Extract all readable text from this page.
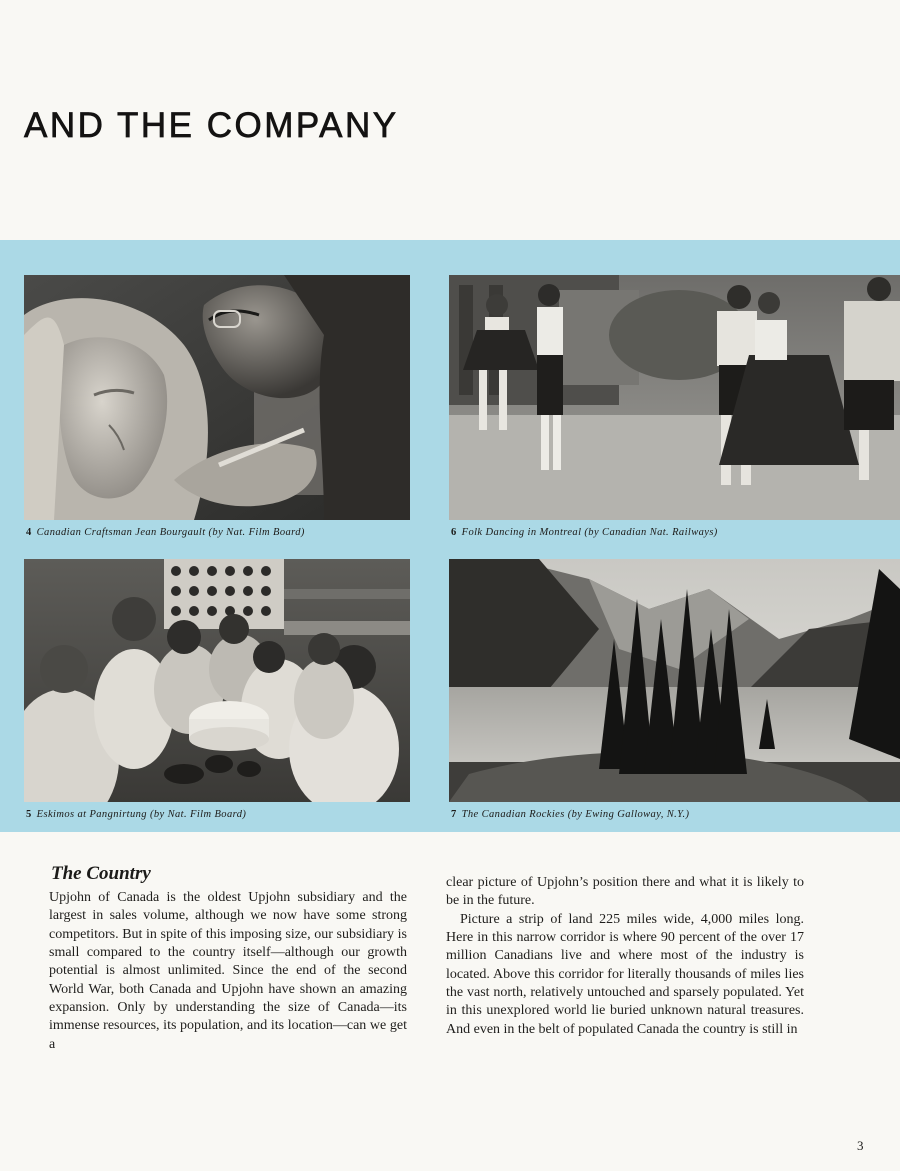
AND THE COMPANY
4 Canadian Craftsman Jean Bourgault (by Nat. Film Board)	6 Folk Dancing in Montreal (by Canadian Nat. Railways)
5 Eskimos at Pangnirtung (by Nat. Film Board)	7 The Canadian Rockies (by Ewing Galloway, N.Y.)
The Country

Upjohn of Canada is the oldest Upjohn subsidiary and the largest in sales volume, although we now have some strong competitors. But in spite of this imposing size, our subsidiary is small compared to the country itself—although our growth potential is almost unlimited. Since the end of the second World War, both Canada and Upjohn have shown an amazing expansion. Only by understanding the size of Canada—its immense resources, its population, and its location—can we get a

clear picture of Upjohn’s position there and what it is likely to be in the future.

Picture a strip of land 225 miles wide, 4,000 miles long. Here in this narrow corridor is where 90 percent of the over 17 million Canadians live and where most of the industry is located. Above this corridor for literally thousands of miles lies the vast north, relatively untouched and sparsely populated. Yet in this unexplored world lie buried unknown natural treasures. And even in the belt of populated Canada the country is still in

3
